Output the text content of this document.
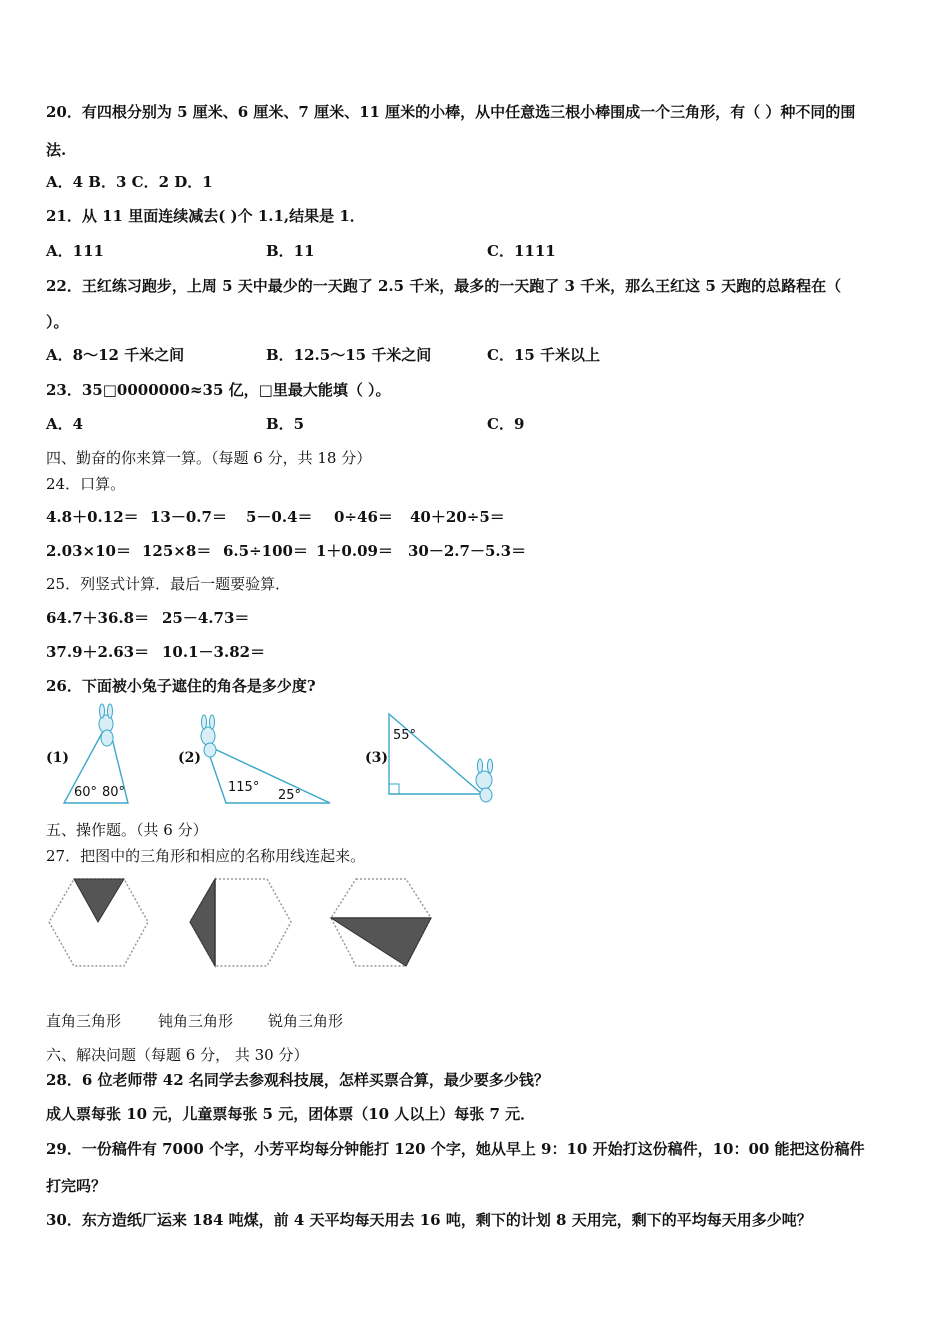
20．有四根分别为 5 厘米、6 厘米、7 厘米、11 厘米的小棒，从中任意选三根小棒围成一个三角形，有（ ）种不同的围
法.
A．4 B．3 C．2 D．1
21．从 11 里面连续减去( )个 1.1,结果是 1．
A．111	B．11	C．1111
22．王红练习跑步，上周 5 天中最少的一天跑了 2.5 千米，最多的一天跑了 3 千米，那么王红这 5 天跑的总路程在（
）。
A．8～12 千米之间	B．12.5～15 千米之间	C．15 千米以上
23．35□0000000≈35 亿，□里最大能填（ ）。
A．4	B．5	C．9
四、勤奋的你来算一算。（每题 6 分，共 18 分）
24．口算。
4.8＋0.12＝ 13－0.7＝ 5－0.4＝ 0÷46＝ 40＋20÷5＝
2.03×10＝ 125×8＝ 6.5÷100＝ 1＋0.09＝ 30－2.7－5.3＝
25．列竖式计算．最后一题要验算．
64.7＋36.8＝ 25－4.73＝
37.9＋2.63＝ 10.1－3.82＝
26．下面被小兔子遮住的角各是多少度?
(1)
60° 80°
(2)
115°
25°
(3)
55°
五、操作题。（共 6 分）
27．把图中的三角形和相应的名称用线连起来。
直角三角形 钝角三角形 锐角三角形
六、解决问题（每题 6 分， 共 30 分）
28．6 位老师带 42 名同学去参观科技展，怎样买票合算，最少要多少钱？
成人票每张 10 元，儿童票每张 5 元，团体票（10 人以上）每张 7 元．
29．一份稿件有 7000 个字，小芳平均每分钟能打 120 个字，她从早上 9：10 开始打这份稿件，10：00 能把这份稿件
打完吗？
30．东方造纸厂运来 184 吨煤，前 4 天平均每天用去 16 吨，剩下的计划 8 天用完，剩下的平均每天用多少吨？
